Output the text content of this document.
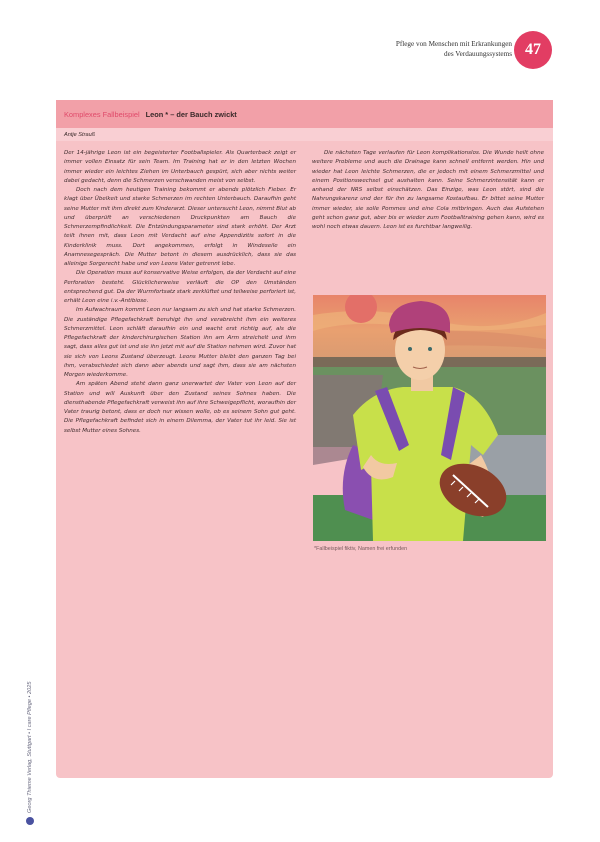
Pflege von Menschen mit Erkrankungen
des Verdauungssystems 47
Komplexes Fallbeispiel Leon * – der Bauch zwickt
Antje Strauß

Der 14-jährige Leon ist ein begeisterter Footballspieler. Als Quarterback zeigt er immer vollen Einsatz für sein Team. Im Training hat er in den letzten Wochen immer wieder ein leichtes Ziehen im Unterbauch gespürt, sich aber nichts weiter dabei gedacht, denn die Schmerzen verschwanden meist von selbst.

Doch nach dem heutigen Training bekommt er abends plötzlich Fieber. Er klagt über Übelkeit und starke Schmerzen im rechten Unterbauch. Daraufhin geht seine Mutter mit ihm direkt zum Kinderarzt. Dieser untersucht Leon, nimmt Blut ab und überprüft an verschiedenen Druckpunkten am Bauch die Schmerzempfindlichkeit. Die Entzündungsparameter sind stark erhöht. Der Arzt teilt ihnen mit, dass Leon mit Verdacht auf eine Appendizitis sofort in die Kinderklinik muss. Dort angekommen, erfolgt in Windeseile ein Anamnesegespräch. Die Mutter betont in diesem ausdrücklich, dass sie das alleinige Sorgerecht habe und von Leons Vater getrennt lebe.

Die Operation muss auf konservative Weise erfolgen, da der Verdacht auf eine Perforation besteht. Glücklicherweise verläuft die OP den Umständen entsprechend gut. Da der Wurmfortsatz stark zerklüftet und teilweise perforiert ist, erhält Leon eine i.v.-Antibiose.

Im Aufwachraum kommt Leon nur langsam zu sich und hat starke Schmerzen. Die zuständige Pflegefachkraft beruhigt ihn und verabreicht ihm ein weiteres Schmerzmittel. Leon schläft daraufhin ein und wacht erst richtig auf, als die Pflegefachkraft der kinderchirurgischen Station ihn am Arm streichelt und ihm sagt, dass alles gut ist und sie ihn jetzt mit auf die Station nehmen wird. Zuvor hat sie sich von Leons Zustand überzeugt. Leons Mutter bleibt den ganzen Tag bei ihm, verabschiedet sich dann aber abends und sagt ihm, dass sie am nächsten Morgen wiederkomme.

Am späten Abend steht dann ganz unerwartet der Vater von Leon auf der Station und will Auskunft über den Zustand seines Sohnes haben. Die diensthabende Pflegefachkraft verweist ihn auf ihre Schweigepflicht, woraufhin der Vater traurig betont, dass er doch nur wissen wolle, ob es seinem Sohn gut geht. Die Pflegefachkraft befindet sich in einem Dilemma, der Vater tut ihr leid. Sie ist selbst Mutter eines Sohnes.

Die nächsten Tage verlaufen für Leon komplikationslos. Die Wunde heilt ohne weitere Probleme und auch die Drainage kann schnell entfernt werden. Hin und wieder hat Leon leichte Schmerzen, die er jedoch mit einem Schmerzmittel und einem Positionswechsel gut aushalten kann. Seine Schmerzintensität kann er anhand der NRS selbst einschätzen. Das Einzige, was Leon stört, sind die Nahrungskarenz und der für ihn zu langsame Kostaufbau. Er bittet seine Mutter immer wieder, sie solle Pommes und eine Cola mitbringen. Auch das Aufstehen geht schon ganz gut, aber bis er wieder zum Footballtraining gehen kann, wird es wohl noch etwas dauern. Leon ist es furchtbar langweilig.

*Fallbeispiel fiktiv, Namen frei erfunden
Georg Thieme Verlag, Stuttgart • I care Pflege • 2025
